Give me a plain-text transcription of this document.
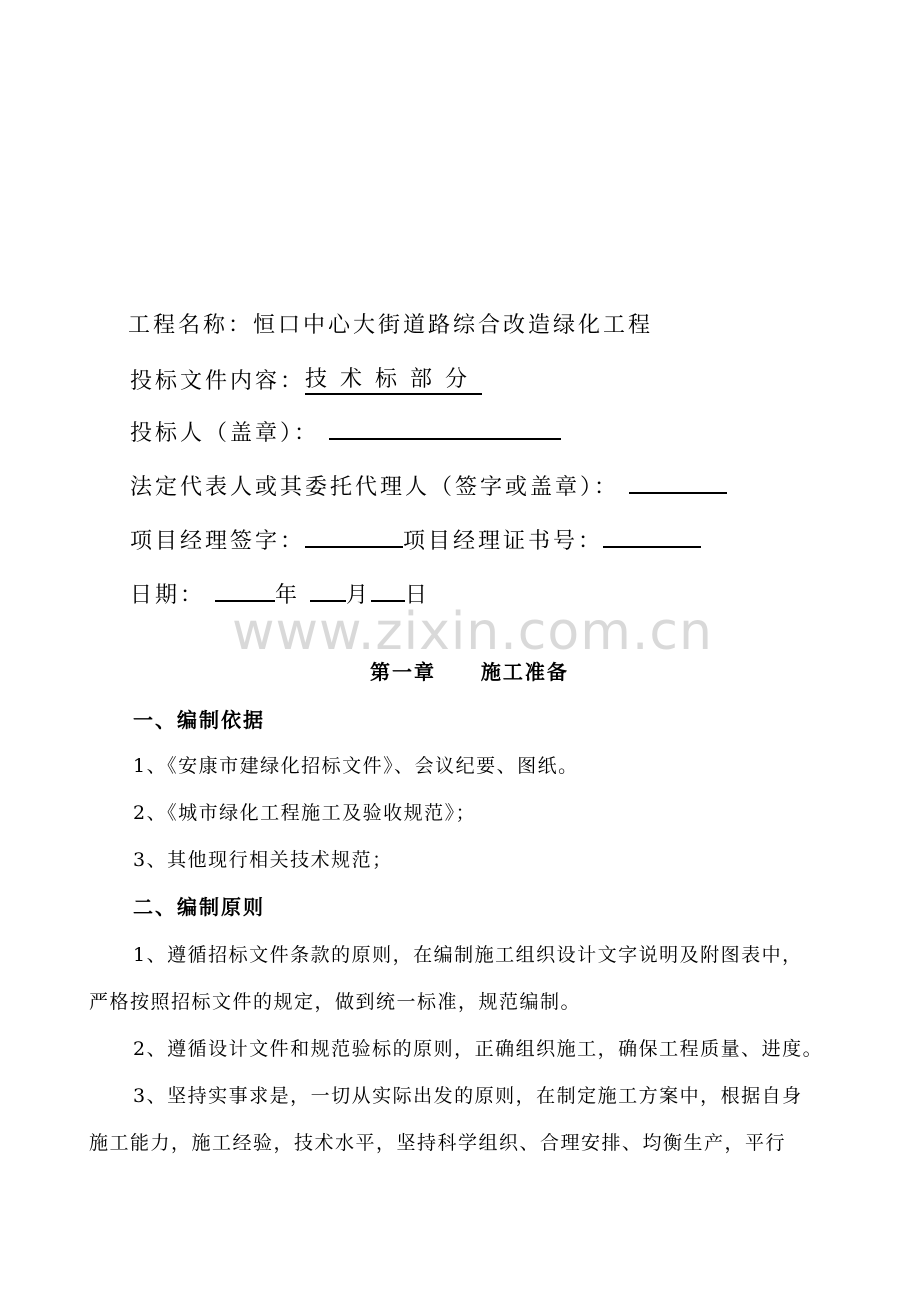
工程名称：恒口中心大街道路综合改造绿化工程
投标文件内容：技 术 标 部 分
投标人（盖章）：
法定代表人或其委托代理人（签字或盖章）：
项目经理签字：	项目经理证书号：
日期：	年 月 日
www.zixin.com.cn
第一章     施工准备
一、编制依据
1、《安康市建绿化招标文件》、会议纪要、图纸。
2、《城市绿化工程施工及验收规范》；
3、其他现行相关技术规范；
二、编制原则
1、遵循招标文件条款的原则，在编制施工组织设计文字说明及附图表中，
严格按照招标文件的规定，做到统一标准，规范编制。
2、遵循设计文件和规范验标的原则，正确组织施工，确保工程质量、进度。
3、坚持实事求是，一切从实际出发的原则，在制定施工方案中，根据自身
施工能力，施工经验，技术水平，坚持科学组织、合理安排、均衡生产，平行
